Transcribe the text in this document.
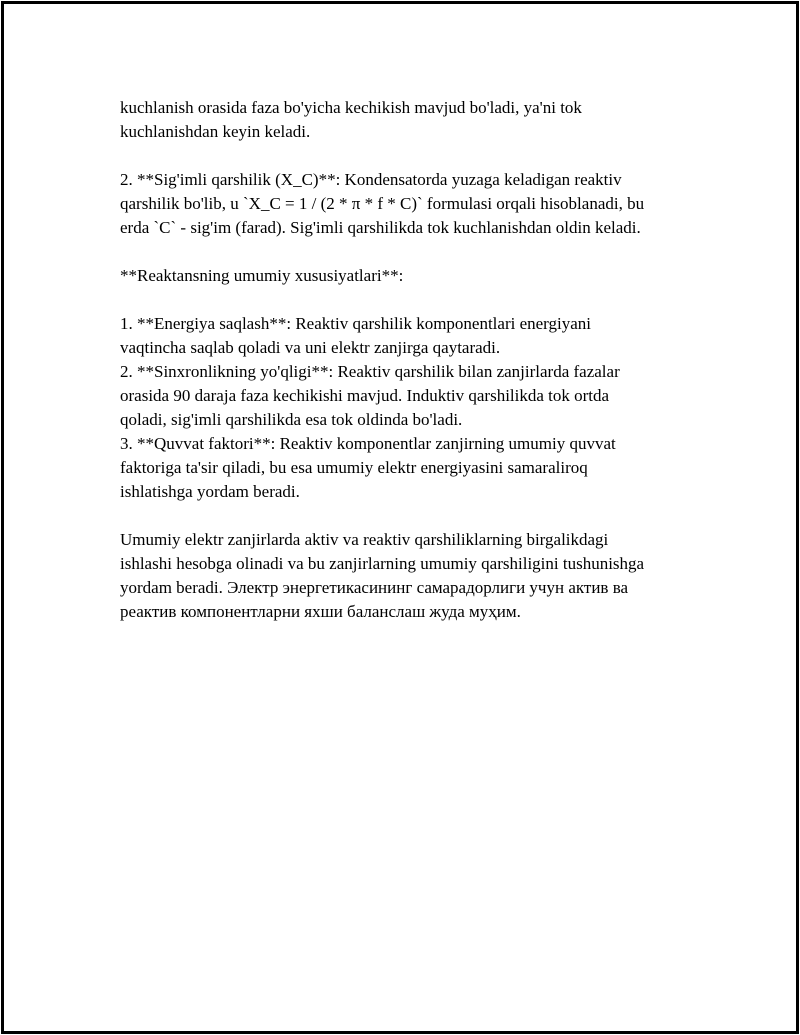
kuchlanish orasida faza bo'yicha kechikish mavjud bo'ladi, ya'ni tok
kuchlanishdan keyin keladi.
2. **Sig'imli qarshilik (X_C)**: Kondensatorda yuzaga keladigan reaktiv
qarshilik bo'lib, u `X_C = 1 / (2 * π * f * C)` formulasi orqali hisoblanadi, bu
erda `C` - sig'im (farad). Sig'imli qarshilikda tok kuchlanishdan oldin keladi.
**Reaktansning umumiy xususiyatlari**:
1. **Energiya saqlash**: Reaktiv qarshilik komponentlari energiyani
vaqtincha saqlab qoladi va uni elektr zanjirga qaytaradi.
2. **Sinxronlikning yo'qligi**: Reaktiv qarshilik bilan zanjirlarda fazalar
orasida 90 daraja faza kechikishi mavjud. Induktiv qarshilikda tok ortda
qoladi, sig'imli qarshilikda esa tok oldinda bo'ladi.
3. **Quvvat faktori**: Reaktiv komponentlar zanjirning umumiy quvvat
faktoriga ta'sir qiladi, bu esa umumiy elektr energiyasini samaraliroq
ishlatishga yordam beradi.
Umumiy elektr zanjirlarda aktiv va reaktiv qarshiliklarning birgalikdagi
ishlashi hesobga olinadi va bu zanjirlarning umumiy qarshiligini tushunishga
yordam beradi. Электр энергетикасининг самарадорлиги учун актив ва
реактив компонентларни яхши баланслаш жуда муҳим.
